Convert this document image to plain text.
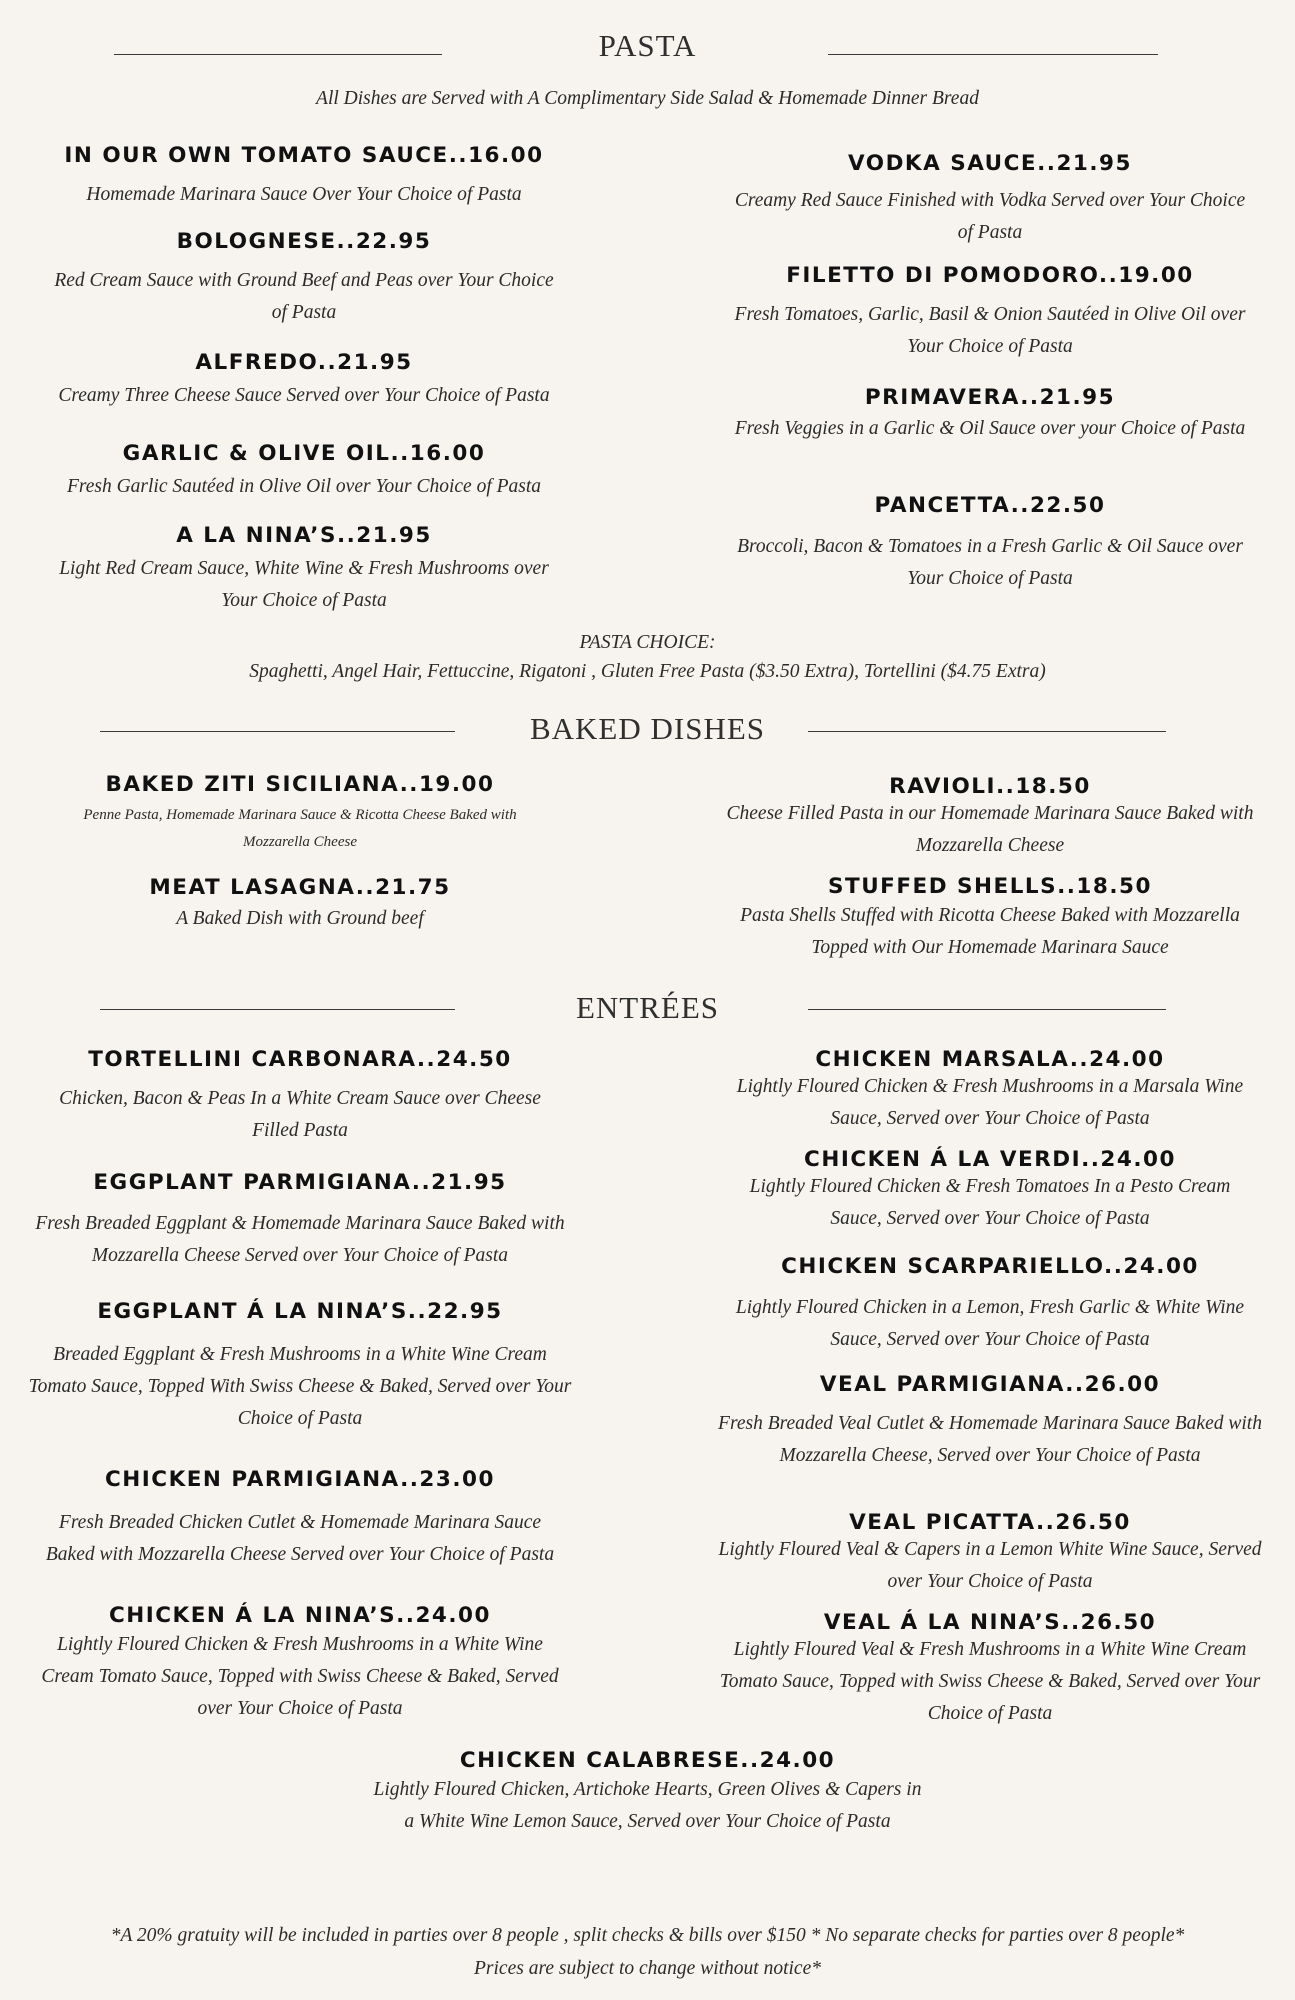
PASTA
All Dishes are Served with A Complimentary Side Salad & Homemade Dinner Bread
IN OUR OWN TOMATO SAUCE..16.00
Homemade Marinara Sauce Over Your Choice of Pasta
BOLOGNESE..22.95
Red Cream Sauce with Ground Beef and Peas over Your Choice of Pasta
ALFREDO..21.95
Creamy Three Cheese Sauce Served over Your Choice of Pasta
GARLIC & OLIVE OIL..16.00
Fresh Garlic Sautéed in Olive Oil over Your Choice of Pasta
A LA NINA’S..21.95
Light Red Cream Sauce, White Wine & Fresh Mushrooms over Your Choice of Pasta
VODKA SAUCE..21.95
Creamy Red Sauce Finished with Vodka Served over Your Choice of Pasta
FILETTO DI POMODORO..19.00
Fresh Tomatoes, Garlic, Basil & Onion Sautéed in Olive Oil over Your Choice of Pasta
PRIMAVERA..21.95
Fresh Veggies in a Garlic & Oil Sauce over your Choice of Pasta
PANCETTA..22.50
Broccoli, Bacon & Tomatoes in a Fresh Garlic & Oil Sauce over Your Choice of Pasta
PASTA CHOICE:
Spaghetti, Angel Hair, Fettuccine, Rigatoni , Gluten Free Pasta ($3.50 Extra), Tortellini ($4.75 Extra)
BAKED DISHES
BAKED ZITI SICILIANA..19.00
Penne Pasta, Homemade Marinara Sauce & Ricotta Cheese Baked with Mozzarella Cheese
MEAT LASAGNA..21.75
A Baked Dish with Ground beef
RAVIOLI..18.50
Cheese Filled Pasta in our Homemade Marinara Sauce Baked with Mozzarella Cheese
STUFFED SHELLS..18.50
Pasta Shells Stuffed with Ricotta Cheese Baked with Mozzarella Topped with Our Homemade Marinara Sauce
ENTRÉES
TORTELLINI CARBONARA..24.50
Chicken, Bacon & Peas In a White Cream Sauce over Cheese Filled Pasta
EGGPLANT PARMIGIANA..21.95
Fresh Breaded Eggplant & Homemade Marinara Sauce Baked with Mozzarella Cheese Served over Your Choice of Pasta
EGGPLANT Á LA NINA’S..22.95
Breaded Eggplant & Fresh Mushrooms in a White Wine Cream Tomato Sauce, Topped With Swiss Cheese & Baked, Served over Your Choice of Pasta
CHICKEN PARMIGIANA..23.00
Fresh Breaded Chicken Cutlet & Homemade Marinara Sauce Baked with Mozzarella Cheese Served over Your Choice of Pasta
CHICKEN Á LA NINA’S..24.00
Lightly Floured Chicken & Fresh Mushrooms in a White Wine Cream Tomato Sauce, Topped with Swiss Cheese & Baked, Served over Your Choice of Pasta
CHICKEN MARSALA..24.00
Lightly Floured Chicken & Fresh Mushrooms in a Marsala Wine Sauce, Served over Your Choice of Pasta
CHICKEN Á LA VERDI..24.00
Lightly Floured Chicken & Fresh Tomatoes In a Pesto Cream Sauce, Served over Your Choice of Pasta
CHICKEN SCARPARIELLO..24.00
Lightly Floured Chicken in a Lemon, Fresh Garlic & White Wine Sauce, Served over Your Choice of Pasta
VEAL PARMIGIANA..26.00
Fresh Breaded Veal Cutlet & Homemade Marinara Sauce Baked with Mozzarella Cheese, Served over Your Choice of Pasta
VEAL PICATTA..26.50
Lightly Floured Veal & Capers in a Lemon White Wine Sauce, Served over Your Choice of Pasta
VEAL Á LA NINA’S..26.50
Lightly Floured Veal & Fresh Mushrooms in a White Wine Cream Tomato Sauce, Topped with Swiss Cheese & Baked, Served over Your Choice of Pasta
CHICKEN CALABRESE..24.00
Lightly Floured Chicken, Artichoke Hearts, Green Olives & Capers in a White Wine Lemon Sauce, Served over Your Choice of Pasta
*A 20% gratuity will be included in parties over 8 people , split checks & bills over $150 * No separate checks for parties over 8 people*
Prices are subject to change without notice*
